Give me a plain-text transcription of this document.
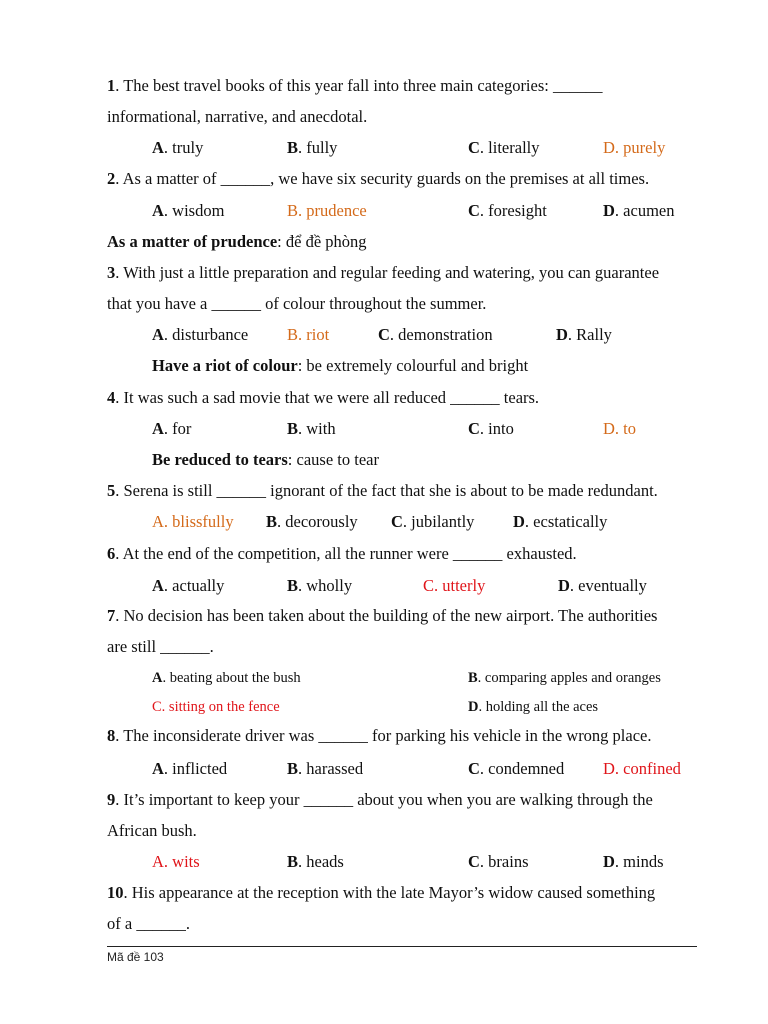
1. The best travel books of this year fall into three main categories: ______
informational, narrative, and anecdotal.
A. truly	B. fully	C. literally	D. purely
2. As a matter of ______, we have six security guards on the premises at all times.
A. wisdom	B. prudence	C. foresight	D. acumen
As a matter of prudence: để đề phòng
3. With just a little preparation and regular feeding and watering, you can guarantee
that you have a ______ of colour throughout the summer.
A. disturbance B. riot	C. demonstration	D. Rally
Have a riot of colour: be extremely colourful and bright
4. It was such a sad movie that we were all reduced ______ tears.
A. for	B. with	C. into	D. to
Be reduced to tears: cause to tear
5. Serena is still ______ ignorant of the fact that she is about to be made redundant.
A. blissfully B. decorously C. jubilantly D. ecstatically
6. At the end of the competition, all the runner were ______ exhausted.
A. actually	B. wholly	C. utterly	D. eventually
7. No decision has been taken about the building of the new airport. The authorities
are still ______.
A. beating about the bush	B. comparing apples and oranges
C. sitting on the fence	D. holding all the aces
8. The inconsiderate driver was ______ for parking his vehicle in the wrong place.
A. inflicted	B. harassed	C. condemned D. confined
9. It’s important to keep your ______ about you when you are walking through the
African bush.
A. wits	B. heads	C. brains	D. minds
10. His appearance at the reception with the late Mayor’s widow caused something
of a ______.
Mã đề 103
